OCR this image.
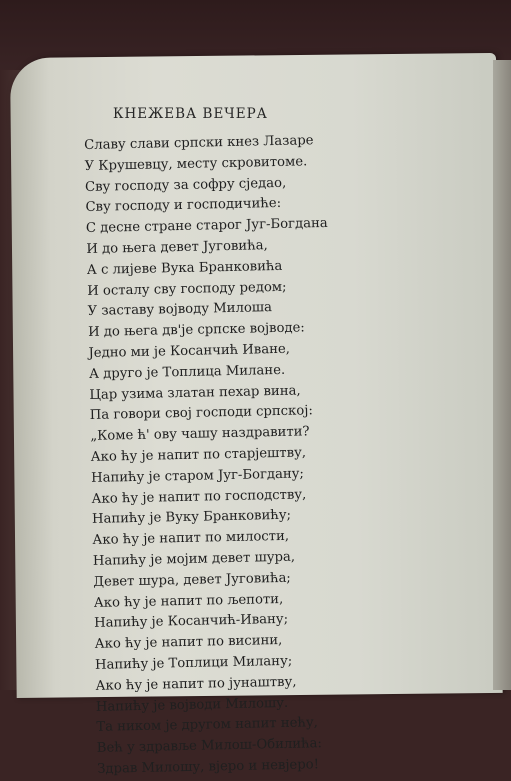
КНЕЖЕВА ВЕЧЕРА
Славу слави српски кнез Лазаре
У Крушевцу, месту скровитоме.
Сву господу за софру сједао,
Сву господу и господичиће:
С десне стране старог Југ-Богдана
И до њега девет Југовића,
А с лијеве Вука Бранковића
И осталу сву господу редом;
У заставу војводу Милоша
И до њега дв'је српске војводе:
Једно ми је Косанчић Иване,
А друго је Топлица Милане.
Цар узима златан пехар вина,
Па говори свој господи српској:
„Коме ћ' ову чашу наздравити?
Ако ћу је напит по старјештву,
Напићу је старом Југ-Богдану;
Ако ћу је напит по господству,
Напићу је Вуку Бранковићу;
Ако ћу је напит по милости,
Напићу је мојим девет шура,
Девет шура, девет Југовића;
Ако ћу је напит по љепоти,
Напићу је Косанчић-Ивану;
Ако ћу је напит по висини,
Напићу је Топлици Милану;
Ако ћу је напит по јунаштву,
Напићу је војводи Милошу.
Та ником је другом напит нећу,
Већ у здравље Милош-Обилића:
Здрав Милошу, вјеро и невјеро!
